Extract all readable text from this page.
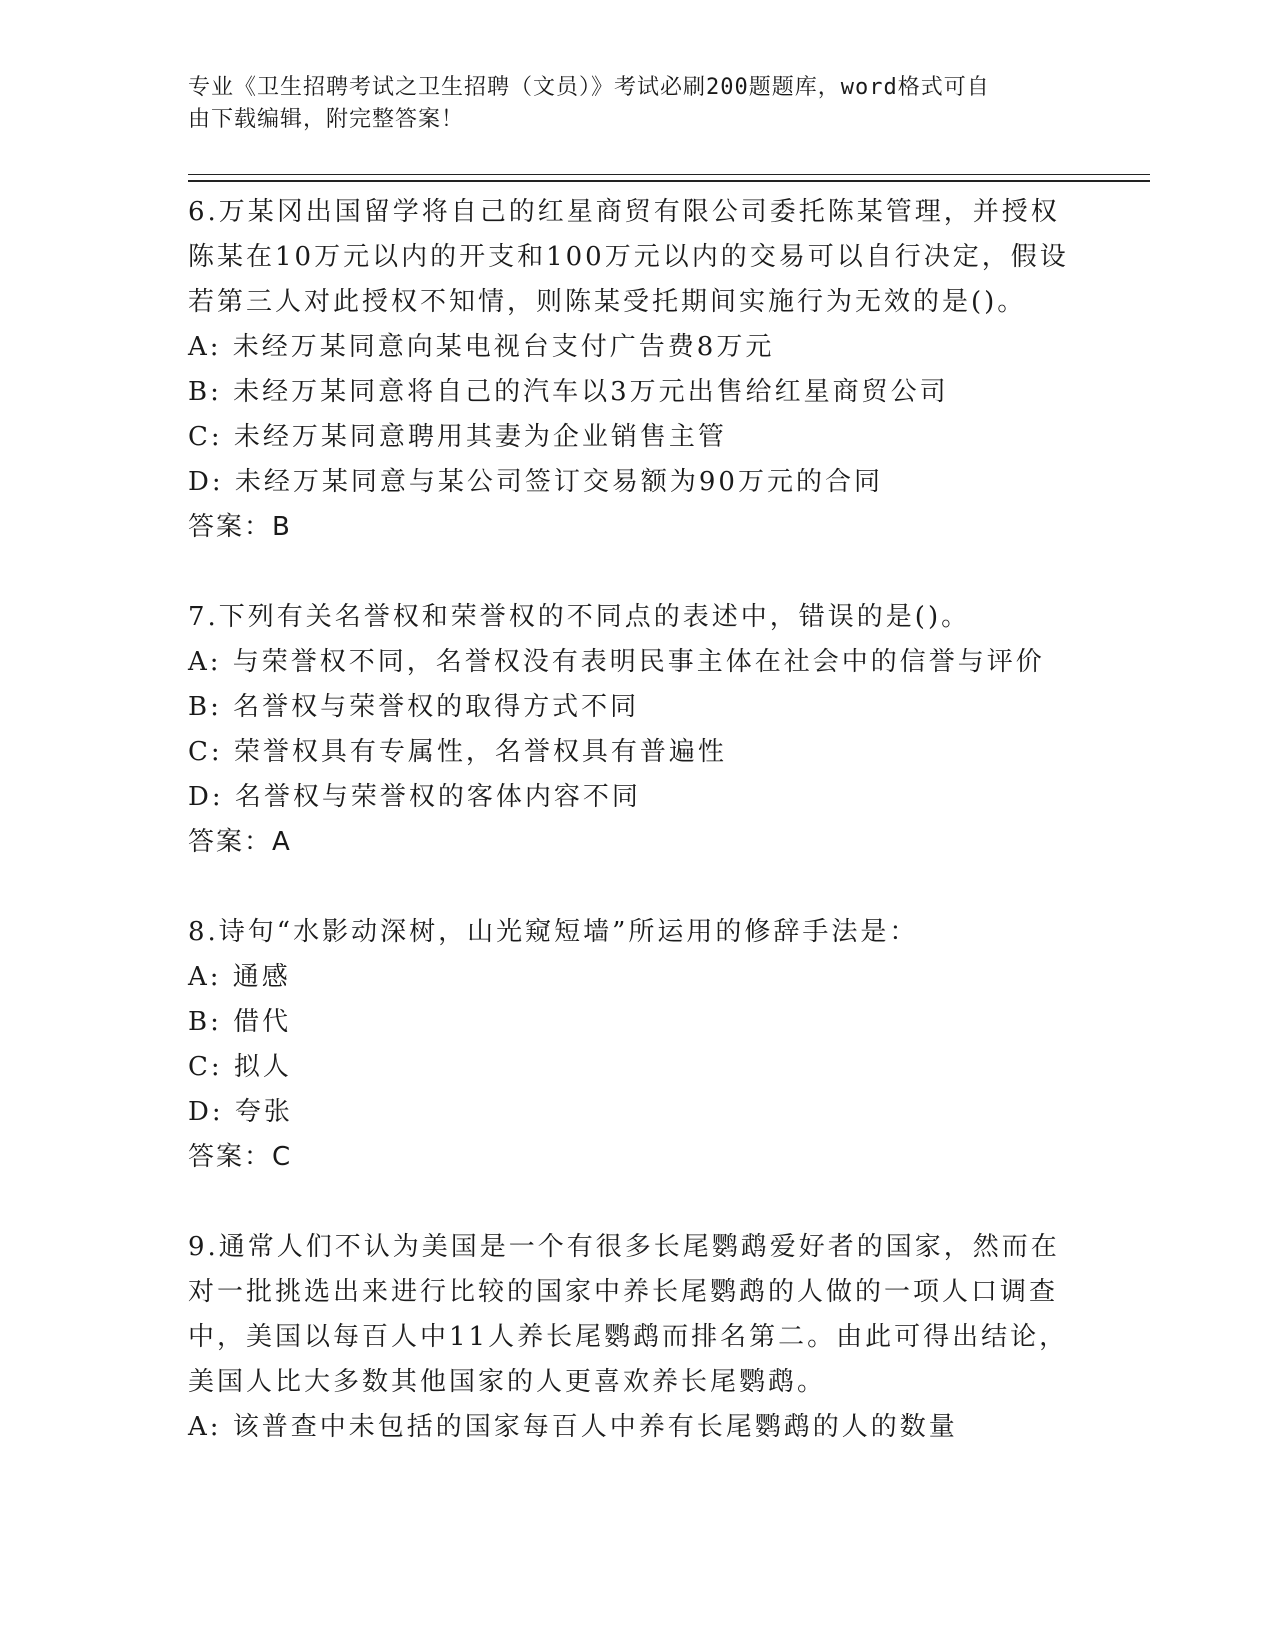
专业《卫生招聘考试之卫生招聘（文员）》考试必刷200题题库，word格式可自
由下载编辑，附完整答案！
6.万某冈出国留学将自己的红星商贸有限公司委托陈某管理，并授权
陈某在10万元以内的开支和100万元以内的交易可以自行决定，假设
若第三人对此授权不知情，则陈某受托期间实施行为无效的是()。
A: 未经万某同意向某电视台支付广告费8万元
B: 未经万某同意将自己的汽车以3万元出售给红星商贸公司
C: 未经万某同意聘用其妻为企业销售主管
D: 未经万某同意与某公司签订交易额为90万元的合同
答案：B
7.下列有关名誉权和荣誉权的不同点的表述中，错误的是()。
A: 与荣誉权不同，名誉权没有表明民事主体在社会中的信誉与评价
B: 名誉权与荣誉权的取得方式不同
C: 荣誉权具有专属性，名誉权具有普遍性
D: 名誉权与荣誉权的客体内容不同
答案：A
8.诗句“水影动深树，山光窥短墙”所运用的修辞手法是：
A: 通感
B: 借代
C: 拟人
D: 夸张
答案：C
9.通常人们不认为美国是一个有很多长尾鹦鹉爱好者的国家，然而在
对一批挑选出来进行比较的国家中养长尾鹦鹉的人做的一项人口调查
中，美国以每百人中11人养长尾鹦鹉而排名第二。由此可得出结论，
美国人比大多数其他国家的人更喜欢养长尾鹦鹉。
A: 该普查中未包括的国家每百人中养有长尾鹦鹉的人的数量
